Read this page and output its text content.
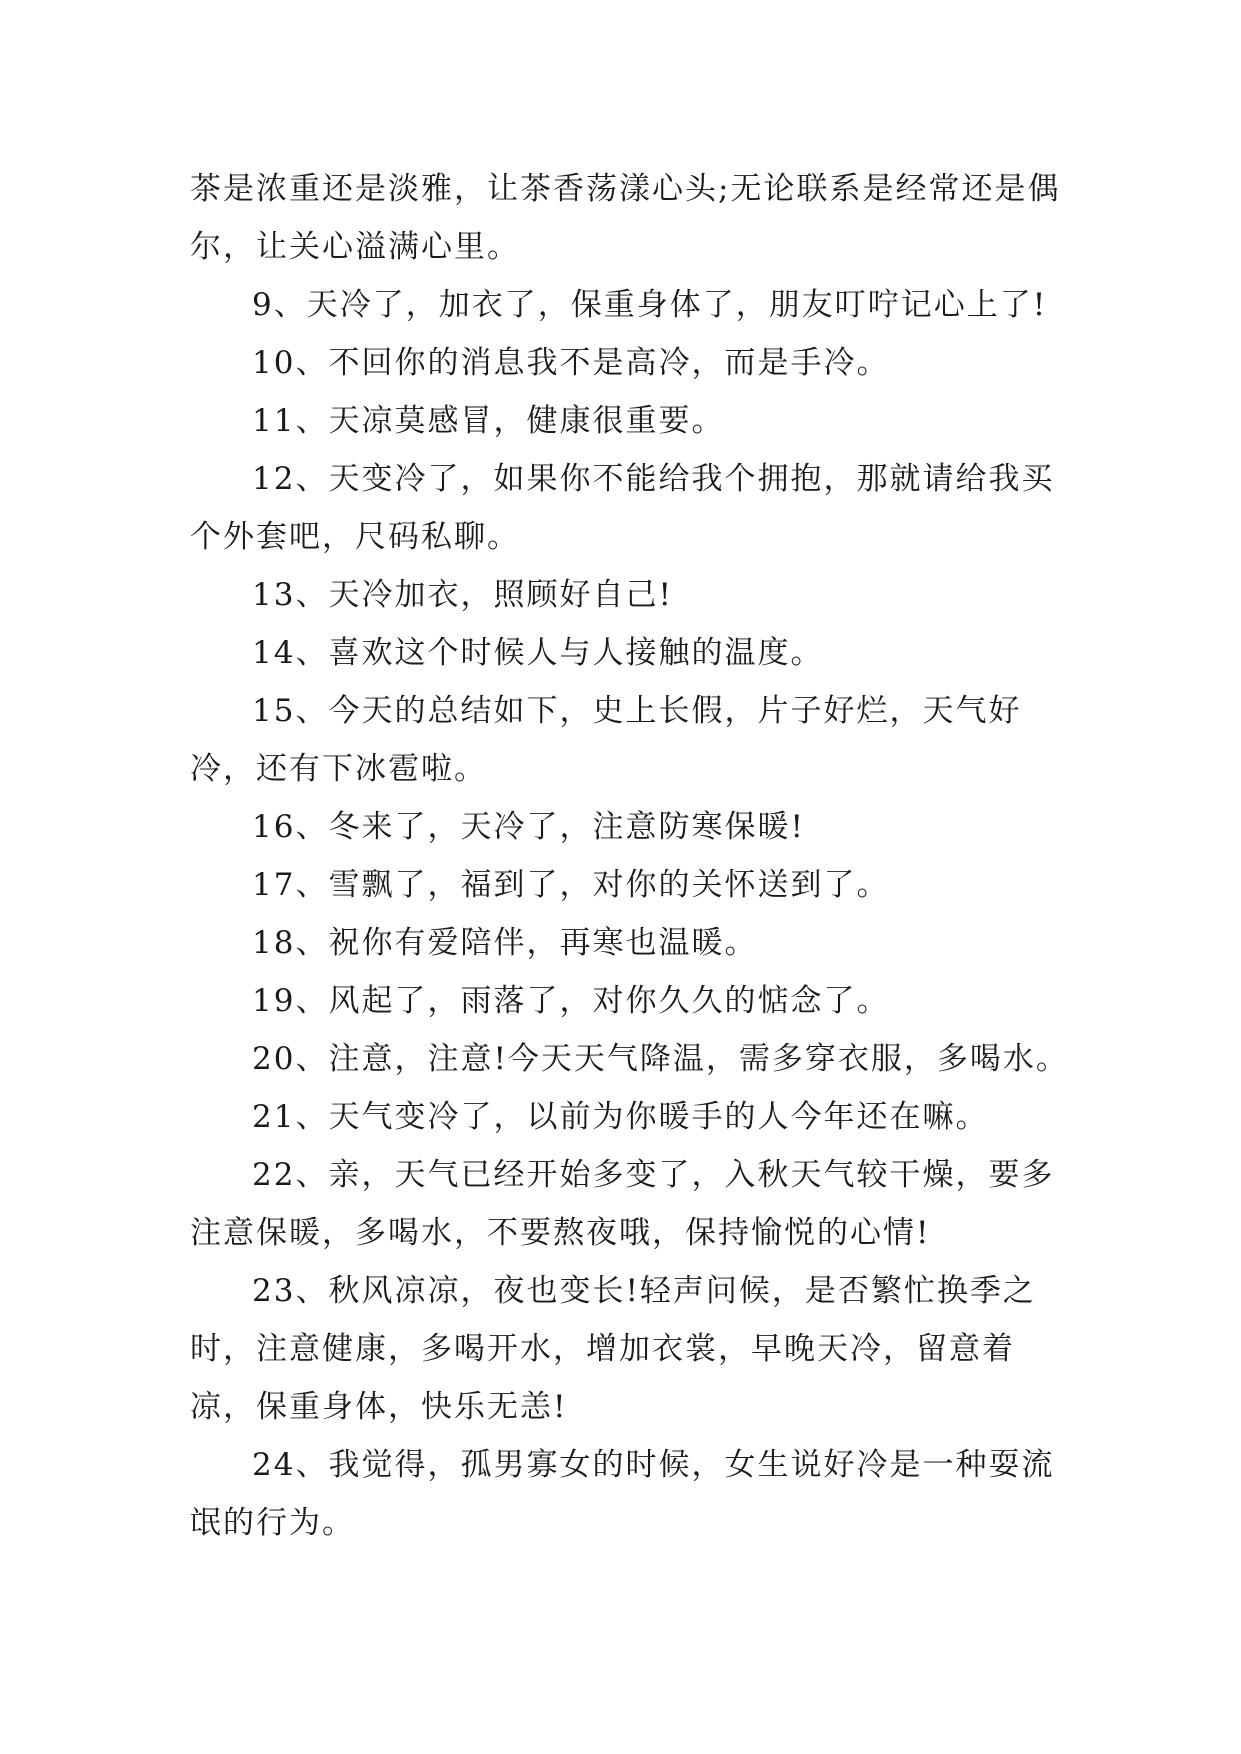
茶是浓重还是淡雅，让茶香荡漾心头;无论联系是经常还是偶尔，让关心溢满心里。

9、天冷了，加衣了，保重身体了，朋友叮咛记心上了!

10、不回你的消息我不是高冷，而是手冷。

11、天凉莫感冒，健康很重要。

12、天变冷了，如果你不能给我个拥抱，那就请给我买个外套吧，尺码私聊。

13、天冷加衣，照顾好自己!

14、喜欢这个时候人与人接触的温度。

15、今天的总结如下，史上长假，片子好烂，天气好冷，还有下冰雹啦。

16、冬来了，天冷了，注意防寒保暖!

17、雪飘了，福到了，对你的关怀送到了。

18、祝你有爱陪伴，再寒也温暖。

19、风起了，雨落了，对你久久的惦念了。

20、注意，注意!今天天气降温，需多穿衣服，多喝水。

21、天气变冷了，以前为你暖手的人今年还在嘛。

22、亲，天气已经开始多变了，入秋天气较干燥，要多注意保暖，多喝水，不要熬夜哦，保持愉悦的心情!

23、秋风凉凉，夜也变长!轻声问候，是否繁忙换季之时，注意健康，多喝开水，增加衣裳，早晚天冷，留意着凉，保重身体，快乐无恙!

24、我觉得，孤男寡女的时候，女生说好冷是一种耍流氓的行为。
